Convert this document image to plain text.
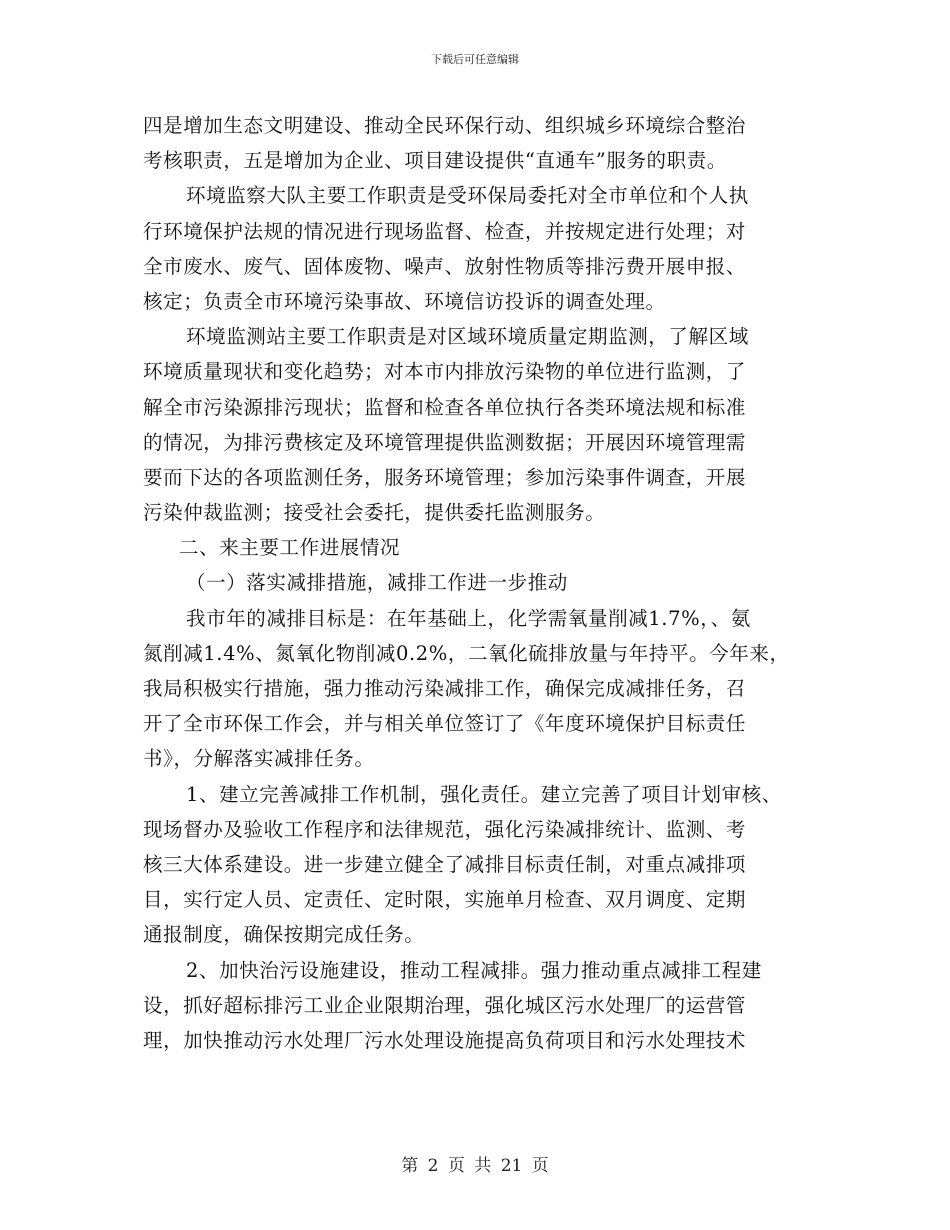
下载后可任意编辑
四是增加生态文明建设、推动全民环保行动、组织城乡环境综合整治
考核职责，五是增加为企业、项目建设提供“直通车”服务的职责。
环境监察大队主要工作职责是受环保局委托对全市单位和个人执
行环境保护法规的情况进行现场监督、检查，并按规定进行处理；对
全市废水、废气、固体废物、噪声、放射性物质等排污费开展申报、
核定；负责全市环境污染事故、环境信访投诉的调查处理。
环境监测站主要工作职责是对区域环境质量定期监测，了解区域
环境质量现状和变化趋势；对本市内排放污染物的单位进行监测，了
解全市污染源排污现状；监督和检查各单位执行各类环境法规和标准
的情况，为排污费核定及环境管理提供监测数据；开展因环境管理需
要而下达的各项监测任务，服务环境管理；参加污染事件调查，开展
污染仲裁监测；接受社会委托，提供委托监测服务。
二、来主要工作进展情况
（一）落实减排措施，减排工作进一步推动
我市年的减排目标是：在年基础上，化学需氧量削减1.7%，、氨
氮削减1.4%、氮氧化物削减0.2%，二氧化硫排放量与年持平。今年来，
我局积极实行措施，强力推动污染减排工作，确保完成减排任务，召
开了全市环保工作会，并与相关单位签订了《年度环境保护目标责任
书》，分解落实减排任务。
1、建立完善减排工作机制，强化责任。建立完善了项目计划审核、
现场督办及验收工作程序和法律规范，强化污染减排统计、监测、考
核三大体系建设。进一步建立健全了减排目标责任制，对重点减排项
目，实行定人员、定责任、定时限，实施单月检查、双月调度、定期
通报制度，确保按期完成任务。
2、加快治污设施建设，推动工程减排。强力推动重点减排工程建
设，抓好超标排污工业企业限期治理，强化城区污水处理厂的运营管
理，加快推动污水处理厂污水处理设施提高负荷项目和污水处理技术
第 2 页 共 21 页
